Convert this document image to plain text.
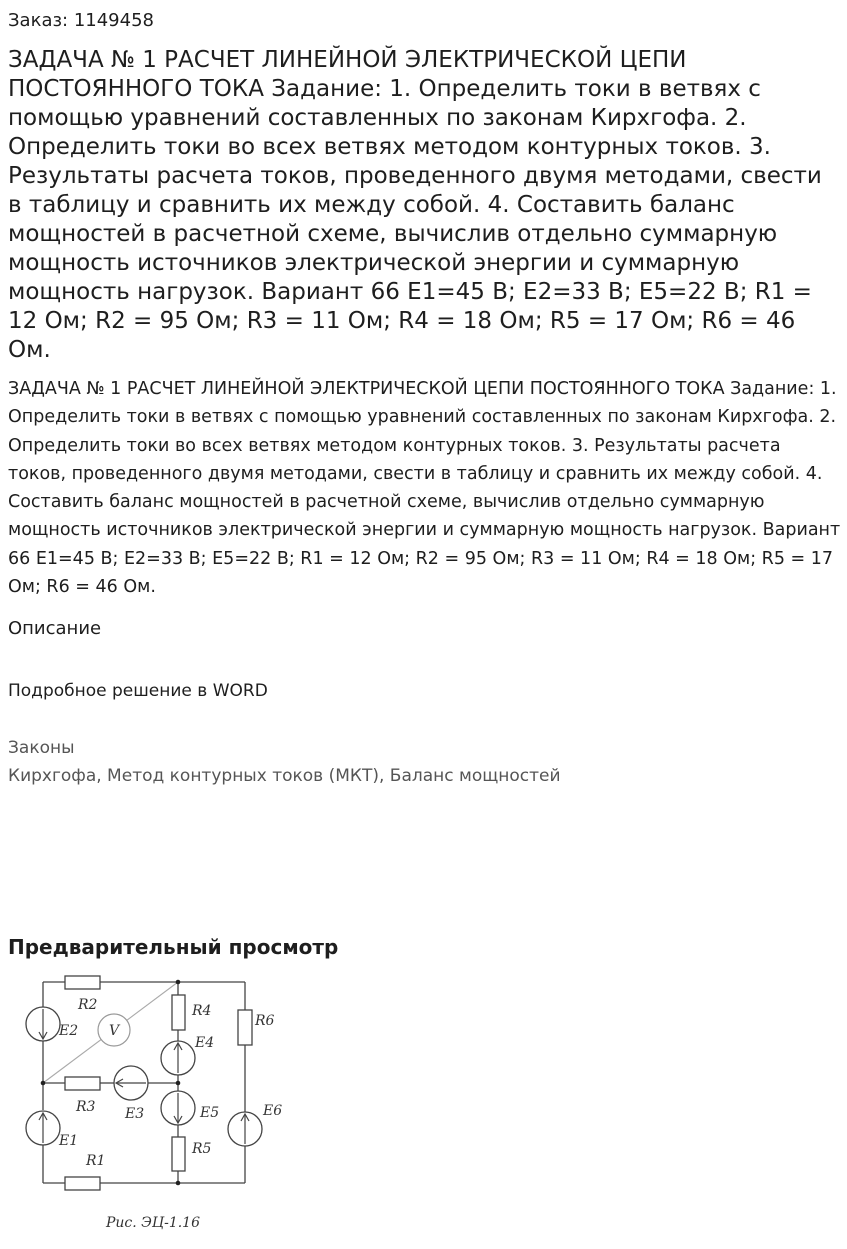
Заказ: 1149458
ЗАДАЧА № 1 РАСЧЕТ ЛИНЕЙНОЙ ЭЛЕКТРИЧЕСКОЙ ЦЕПИ ПОСТОЯННОГО ТОКА Задание: 1. Определить токи в ветвях с помощью уравнений составленных по законам Кирхгофа. 2. Определить токи во всех ветвях методом контурных токов. 3. Результаты расчета токов, проведенного двумя методами, свести в таблицу и сравнить их между собой. 4. Составить баланс мощностей в расчетной схеме, вычислив отдельно суммарную мощность источников электрической энергии и суммарную мощность нагрузок. Вариант 66 Е1=45 В; Е2=33 В; Е5=22 В; R1 = 12 Ом; R2 = 95 Ом; R3 = 11 Ом; R4 = 18 Ом; R5 = 17 Ом; R6 = 46 Ом.
ЗАДАЧА № 1 РАСЧЕТ ЛИНЕЙНОЙ ЭЛЕКТРИЧЕСКОЙ ЦЕПИ ПОСТОЯННОГО ТОКА Задание: 1. Определить токи в ветвях с помощью уравнений составленных по законам Кирхгофа. 2. Определить токи во всех ветвях методом контурных токов. 3. Результаты расчета токов, проведенного двумя методами, свести в таблицу и сравнить их между собой. 4. Составить баланс мощностей в расчетной схеме, вычислив отдельно суммарную мощность источников электрической энергии и суммарную мощность нагрузок. Вариант 66 Е1=45 В; Е2=33 В; Е5=22 В; R1 = 12 Ом; R2 = 95 Ом; R3 = 11 Ом; R4 = 18 Ом; R5 = 17 Ом; R6 = 46 Ом.
Описание
Подробное решение в WORD
Законы
Кирхгофа, Метод контурных токов (МКТ), Баланс мощностей
Предварительный просмотр
R2
E2 V
R4
R6
E4
R3 E3	E5	E6
E1	R5
R1
Рис. ЭЦ-1.16
